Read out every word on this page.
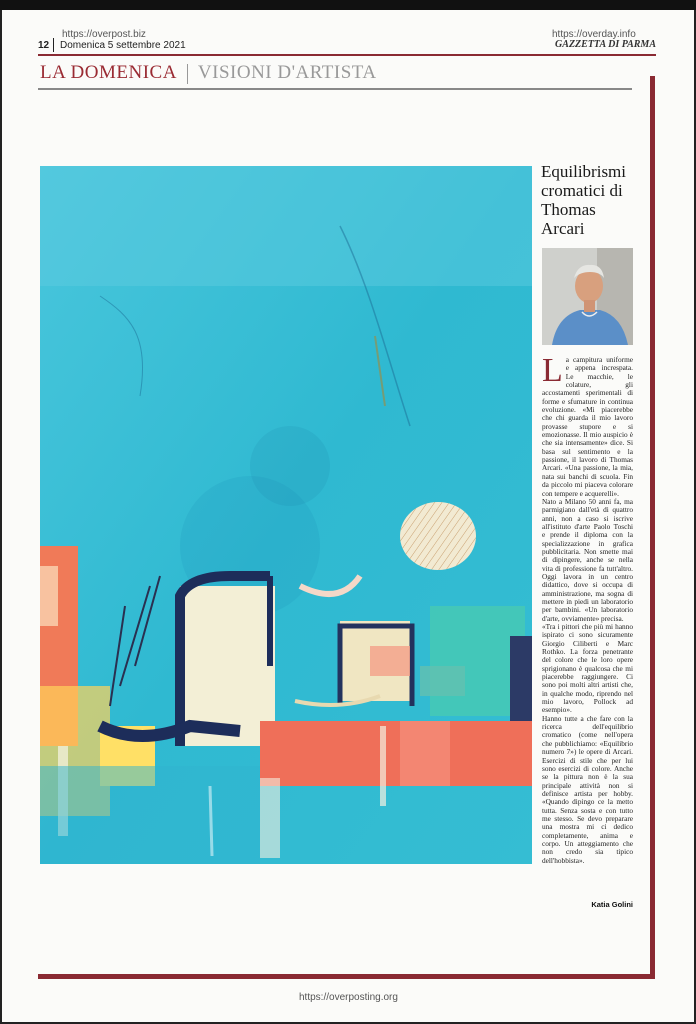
https://overpost.biz	https://overday.info
12 Domenica 5 settembre 2021	GAZZETTA DI PARMA
LA DOMENICA VISIONI D'ARTISTA
Equilibrismi cromatici di Thomas Arcari

La campitura uniforme e appena increspata. Le macchie, le colature, gli accostamenti sperimentali di forme e sfumature in continua evoluzione. «Mi piacerebbe che chi guarda il mio lavoro provasse stupore e si emozionasse. Il mio auspicio è che sia intensamente» dice. Si basa sul sentimento e la passione, il lavoro di Thomas Arcari. «Una passione, la mia, nata sui banchi di scuola. Fin da piccolo mi piaceva colorare con tempere e acquerelli».

Nato a Milano 50 anni fa, ma parmigiano dall'età di quattro anni, non a caso si iscrive all'istituto d'arte Paolo Toschi e prende il diploma con la specializzazione in grafica pubblicitaria. Non smette mai di dipingere, anche se nella vita di professione fa tutt'altro. Oggi lavora in un centro didattico, dove si occupa di amministrazione, ma sogna di mettere in piedi un laboratorio per bambini. «Un laboratorio d'arte, ovviamente» precisa.

«Tra i pittori che più mi hanno ispirato ci sono sicuramente Giorgio Ciliberti e Marc Rothko. La forza penetrante del colore che le loro opere sprigionano è qualcosa che mi piacerebbe raggiungere. Ci sono poi molti altri artisti che, in qualche modo, riprendo nel mio lavoro, Pollock ad esempio».

Hanno tutte a che fare con la ricerca dell'equilibrio cromatico (come nell'opera che pubblichiamo: «Equilibrio numero 7») le opere di Arcari. Esercizi di stile che per lui sono esercizi di colore. Anche se la pittura non è la sua principale attività non si definisce artista per hobby. «Quando dipingo ce la metto tutta. Senza sosta e con tutto me stesso. Se devo preparare una mostra mi ci dedico completamente, anima e corpo. Un atteggiamento che non credo sia tipico dell'hobbista».

Katia Golini
https://overposting.org
